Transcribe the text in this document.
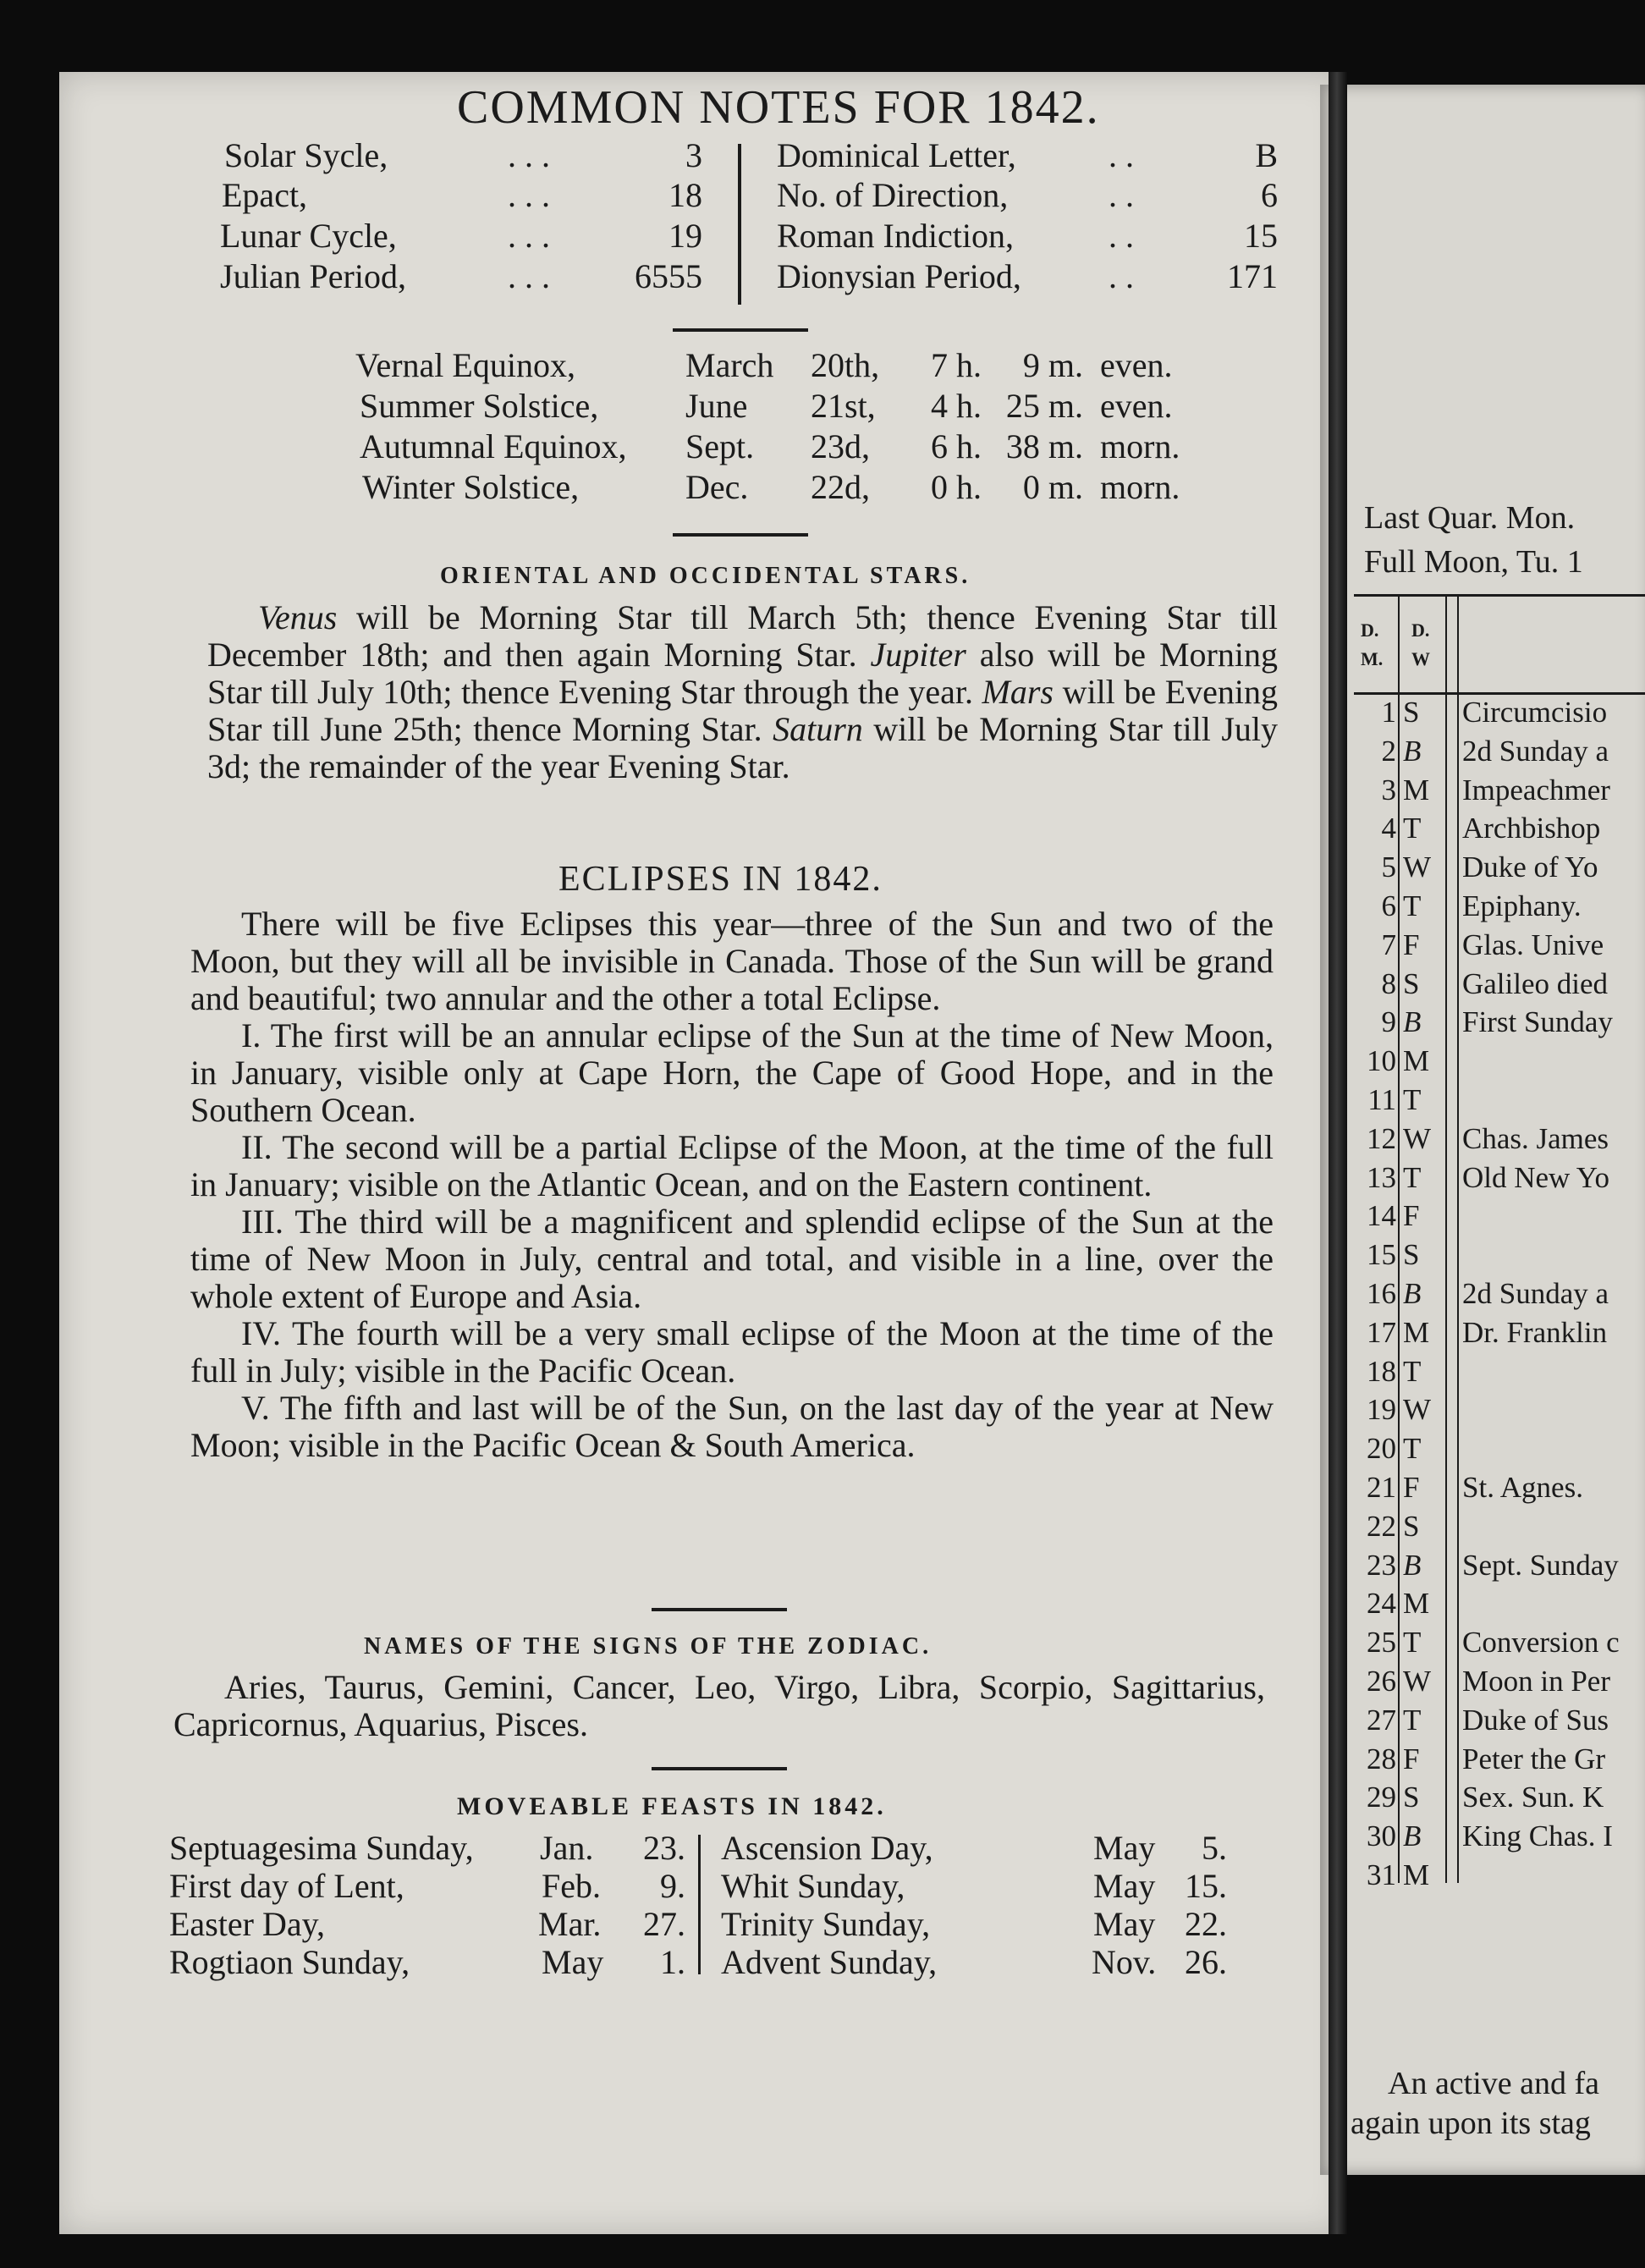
COMMON NOTES FOR 1842.
Solar Sycle,	. . .	3
Epact,	. . .	18
Lunar Cycle,	. . .	19
Julian Period,	. . .	6555
Dominical Letter,	. .	B
No. of Direction,	. .	6
Roman Indiction,	. .	15
Dionysian Period,	. .	171
Vernal Equinox,	March 20th,	7 h.	9 m. even.
Summer Solstice,	June 21st,	4 h. 25 m. even.
Autumnal Equinox, Sept. 23d,	6 h. 38 m. morn.
Winter Solstice,	Dec. 22d,	0 h.	0 m. morn.
ORIENTAL AND OCCIDENTAL STARS.

Venus will be Morning Star till March 5th; thence Evening Star till December 18th; and then again Morning Star. Jupiter also will be Morning Star till July 10th; thence Evening Star through the year. Mars will be Evening Star till June 25th; thence Morning Star. Saturn will be Morning Star till July 3d; the remainder of the year Evening Star.

ECLIPSES IN 1842.

There will be five Eclipses this year—three of the Sun and two of the Moon, but they will all be invisible in Canada. Those of the Sun will be grand and beautiful; two annular and the other a total Eclipse.

I. The first will be an annular eclipse of the Sun at the time of New Moon, in January, visible only at Cape Horn, the Cape of Good Hope, and in the Southern Ocean.

II. The second will be a partial Eclipse of the Moon, at the time of the full in January; visible on the Atlantic Ocean, and on the Eastern continent.

III. The third will be a magnificent and splendid eclipse of the Sun at the time of New Moon in July, central and total, and visible in a line, over the whole extent of Europe and Asia.

IV. The fourth will be a very small eclipse of the Moon at the time of the full in July; visible in the Pacific Ocean.

V. The fifth and last will be of the Sun, on the last day of the year at New Moon; visible in the Pacific Ocean & South America.

NAMES OF THE SIGNS OF THE ZODIAC.

Aries, Taurus, Gemini, Cancer, Leo, Virgo, Libra, Scorpio, Sagittarius, Capricornus, Aquarius, Pisces.

MOVEABLE FEASTS IN 1842.
Septuagesima Sunday, Jan.	23.
First day of Lent,	Feb.	9.
Easter Day,	Mar.	27.
Rogtiaon Sunday,	May	1.
Ascension Day,	May	5.
Whit Sunday,	May 15.
Trinity Sunday,	May 22.
Advent Sunday,	Nov. 26.
Last Quar. Mon.
Full Moon, Tu. 1
D.
M.
D.
W
1 S Circumcisio
2 B 2d Sunday a
3 M Impeachmer
4 T Archbishop
5 W Duke of Yo
6 T Epiphany.
7 F Glas. Unive
8 S Galileo died
9 B First Sunday
10 M
11 T
12 W Chas. James
13 T Old New Yo
14 F
15 S
16 B 2d Sunday a
17 M Dr. Franklin
18 T
19 W
20 T
21 F St. Agnes.
22 S
23 B Sept. Sunday
24 M
25 T Conversion c
26 W Moon in Per
27 T Duke of Sus
28 F Peter the Gr
29 S Sex. Sun. K
30 B King Chas. I
31 M
An active and fa
again upon its stag
